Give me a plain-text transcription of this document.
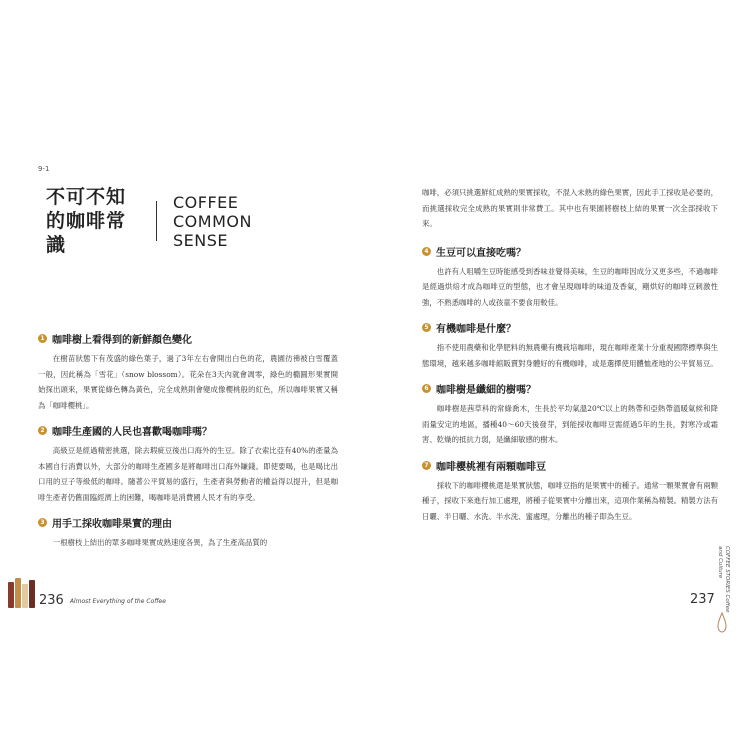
9-1
不可不知的咖啡常識
COFFEE COMMON SENSE
1 咖啡樹上看得到的新鮮顏色變化

在樹苗狀態下有茂盛的綠色葉子，過了3年左右會開出白色的花，農園彷彿被白雪覆蓋一般，因此稱為「雪花」（snow blossom）。花朵在3天內就會凋零，綠色的橢圓形果實開始探出頭來，果實從綠色轉為黃色，完全成熟則會變成像櫻桃般的紅色，所以咖啡果實又稱為「咖啡櫻桃」。

2 咖啡生產國的人民也喜歡喝咖啡嗎？

高級豆是經過精密挑選，除去瑕疵豆後出口海外的生豆。除了衣索比亞有40%的產量為本國自行消費以外，大部分的咖啡生產國多是將咖啡出口海外賺錢。即使要喝，也是喝比出口用的豆子等級低的咖啡。隨著公平貿易的盛行，生產者與勞動者的權益得以提升，但是咖啡生產者仍舊面臨經濟上的困難，喝咖啡是消費國人民才有的享受。

3 用手工採收咖啡果實的理由

一根樹枝上結出的眾多咖啡果實成熟速度各異，為了生產高品質的

236 Almost Everything of the Coffee

咖啡，必須只挑選鮮紅成熟的果實採收，不混入未熟的綠色果實，因此手工採收是必要的，而挑選採收完全成熟的果實則非常費工。其中也有果園將樹枝上結的果實一次全部採收下來。

4 生豆可以直接吃嗎？

也許有人咀嚼生豆時能感受到香味並覺得美味，生豆的咖啡因成分又更多些，不過咖啡是經過烘焙才成為咖啡豆的型態，也才會呈現咖啡的味道及香氣，剛烘好的咖啡豆刺激性強，不熟悉咖啡的人或孩童不要食用較佳。

5 有機咖啡是什麼？

指不使用農藥和化學肥料的無農藥有機栽培咖啡，現在咖啡產業十分重視國際標準與生態環境，越來越多咖啡館販賣對身體好的有機咖啡，或是選擇使用體恤產地的公平貿易豆。

6 咖啡樹是纖細的樹嗎？

咖啡樹是茜草科的常綠喬木，生長於平均氣溫20℃以上的熱帶和亞熱帶溫暖氣候和降雨量安定的地區，播種40～60天後發芽，到能採收咖啡豆需經過5年的生長，對寒冷或霜害、乾燥的抵抗力弱，是纖細敏感的樹木。

7 咖啡櫻桃裡有兩顆咖啡豆

採收下的咖啡櫻桃還是果實狀態，咖啡豆指的是果實中的種子。通常一顆果實會有兩顆種子，採收下來進行加工處理，將種子從果實中分離出來，這項作業稱為精製。精製方法有日曬、半日曬、水洗、半水洗、蜜處理，分離出的種子即為生豆。

237
COFFEE STORIES Coffee and Culture
